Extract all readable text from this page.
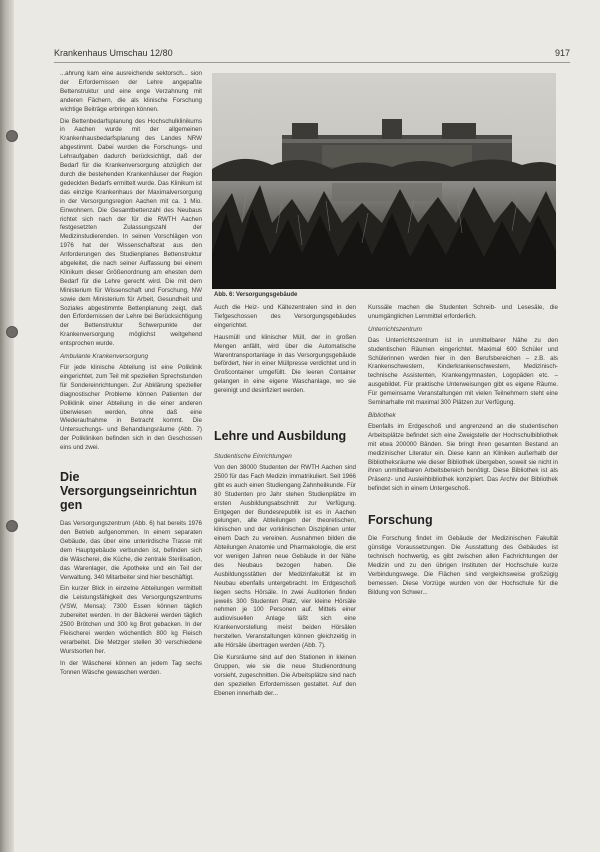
Krankenhaus Umschau 12/80	917

...ahrung kam eine ausreichende sektorsch... sion der Erfordernissen der Lehre angepaßte Bettenstruktur und eine enge Verzahnung mit anderen Fächern, die als klinische Forschung wichtige Beiträge erbringen können.

Die Bettenbedarfsplanung des Hochschulklinikums in Aachen wurde mit der allgemeinen Krankenhausbedarfsplanung des Landes NRW abgestimmt. Dabei wurden die Forschungs- und Lehraufgaben dadurch berücksichtigt, daß der Bedarf für die Krankenversorgung abzüglich der durch die bestehenden Krankenhäuser der Region gedeckten Bedarfs ermittelt wurde. Das Klinikum ist das einzige Krankenhaus der Maximalversorgung in der Versorgungsregion Aachen mit ca. 1 Mio. Einwohnern. Die Gesamtbettenzahl des Neubaus richtet sich nach der für die RWTH Aachen festgesetzten Zulassungszahl der Medizinstudierenden. In seinen Vorschlägen von 1976 hat der Wissenschaftsrat aus den Anforderungen des Studienplanes Bettenstruktur abgeleitet, die nach seiner Auffassung bei einem Klinikum dieser Größenordnung am ehesten dem Bedarf für die Lehre gerecht wird. Die mit dem Ministerium für Wissenschaft und Forschung, NW sowie dem Ministerium für Arbeit, Gesundheit und Soziales abgestimmte Bettenplanung zeigt, daß den Erfordernissen der Lehre bei Berücksichtigung der Bettenstruktur Schwerpunkte der Krankenversorgung möglichst weitgehend entsprochen wurde.

Ambulante Krankenversorgung

Für jede klinische Abteilung ist eine Poliklinik eingerichtet, zum Teil mit speziellen Sprechstunden für Sondereinrichtungen. Zur Abklärung spezieller diagnostischer Probleme können Patienten der Poliklinik einer Abteilung in die einer anderen überwiesen werden, ohne daß eine Wiederaufnahme in Betracht kommt. Die Untersuchungs- und Behandlungsräume (Abb. 7) der Polikliniken befinden sich in den Geschossen eins und zwei.

Die Versorgungseinrichtungen

Das Versorgungszentrum (Abb. 6) hat bereits 1976 den Betrieb aufgenommen. In einem separaten Gebäude, das über eine unterirdische Trasse mit dem Hauptgebäude verbunden ist, befinden sich die Wäscherei, die Küche, die zentrale Sterilisation, das Warenlager, die Apotheke und ein Teil der Verwaltung. 340 Mitarbeiter sind hier beschäftigt.

Ein kurzer Blick in einzelne Abteilungen vermittelt die Leistungsfähigkeit des Versorgungszentrums (VSW, Mensa): 7300 Essen können täglich zubereitet werden. In der Bäckerei werden täglich 2500 Brötchen und 300 kg Brot gebacken. In der Fleischerei werden wöchentlich 800 kg Fleisch verarbeitet. Die Metzger stellen 30 verschiedene Wurstsorten her.

In der Wäscherei können an jedem Tag sechs Tonnen Wäsche gewaschen werden.

Abb. 6: Versorgungsgebäude

Auch die Heiz- und Kältezentralen sind in den Tiefgeschossen des Versorgungsgebäudes eingerichtet.

Hausmüll und klinischer Müll, der in großen Mengen anfällt, wird über die Automatische Warentransportanlage in das Versorgungsgebäude befördert, hier in einer Müllpresse verdichtet und in Großcontainer umgefüllt. Die leeren Container gelangen in eine eigene Waschanlage, wo sie gereinigt und desinfiziert werden.

Lehre und Ausbildung
Studentische Einrichtungen

Von den 38000 Studenten der RWTH Aachen sind 2500 für das Fach Medizin immatrikuliert. Seit 1966 gibt es auch einen Studiengang Zahnheilkunde. Für 80 Studenten pro Jahr stehen Studienplätze im ersten Ausbildungsabschnitt zur Verfügung. Entgegen der Bundesrepublik ist es in Aachen gelungen, alle Abteilungen der theoretischen, klinischen und der vorklinischen Disziplinen unter einem Dach zu vereinen. Ausnahmen bilden die Abteilungen Anatomie und Pharmakologie, die erst vor wenigen Jahren neue Gebäude in der Nähe des Neubaus bezogen haben. Die Ausbildungsstätten der Medizinfakultät ist im Neubau ebenfalls untergebracht. Im Erdgeschoß liegen sechs Hörsäle. In zwei Auditorien finden jeweils 300 Studenten Platz, vier kleine Hörsäle nehmen je 100 Personen auf. Mittels einer audiovisuellen Anlage läßt sich eine Krankenvorstellung meist beiden Hörsälen herstellen. Veranstaltungen können gleichzeitig in alle Hörsäle übertragen werden (Abb. 7).

Die Kursräume sind auf den Stationen in kleinen Gruppen, wie sie die neue Studienordnung vorsieht, zugeschnitten. Die Arbeitsplätze sind nach den speziellen Erfordernissen gestaltet. Auf den Ebenen innerhalb der...

Kurssäle machen die Studenten Schreib- und Lesesäle, die unumgänglichen Lernmittel erforderlich.

Unterrichtszentrum

Das Unterrichtszentrum ist in unmittelbarer Nähe zu den studentischen Räumen eingerichtet. Maximal 600 Schüler und Schülerinnen werden hier in den Berufsbereichen – z.B. als Krankenschwestern, Kinderkrankenschwestern, Medizinisch-technische Assistenten, Krankengymnasten, Logopäden etc. – ausgebildet. Für praktische Unterweisungen gibt es eigene Räume. Für gemeinsame Veranstaltungen mit vielen Teilnehmern steht eine Seminarhalle mit maximal 300 Plätzen zur Verfügung.

Bibliothek

Ebenfalls im Erdgeschoß und angrenzend an die studentischen Arbeitsplätze befindet sich eine Zweigstelle der Hochschulbibliothek mit etwa 200000 Bänden. Sie bringt ihren gesamten Bestand an medizinischer Literatur ein. Diese kann an Kliniken außerhalb der Bibliotheksräume wie dieser Bibliothek übergeben, soweit sie nicht in ihren unmittelbaren Arbeitsbereich benötigt. Diese Bibliothek ist als Präsenz- und Ausleihbibliothek konzipiert. Das Archiv der Bibliothek befindet sich in einem Untergeschoß.

Forschung

Die Forschung findet im Gebäude der Medizinischen Fakultät günstige Voraussetzungen. Die Ausstattung des Gebäudes ist technisch hochwertig, es gibt zwischen allen Fachrichtungen der Medizin und zu den übrigen Instituten der Hochschule kurze Verbindungswege. Die Flächen sind vergleichsweise großzügig bemessen. Diese Vorzüge wurden von der Hochschule für die Bildung von Schwer...
